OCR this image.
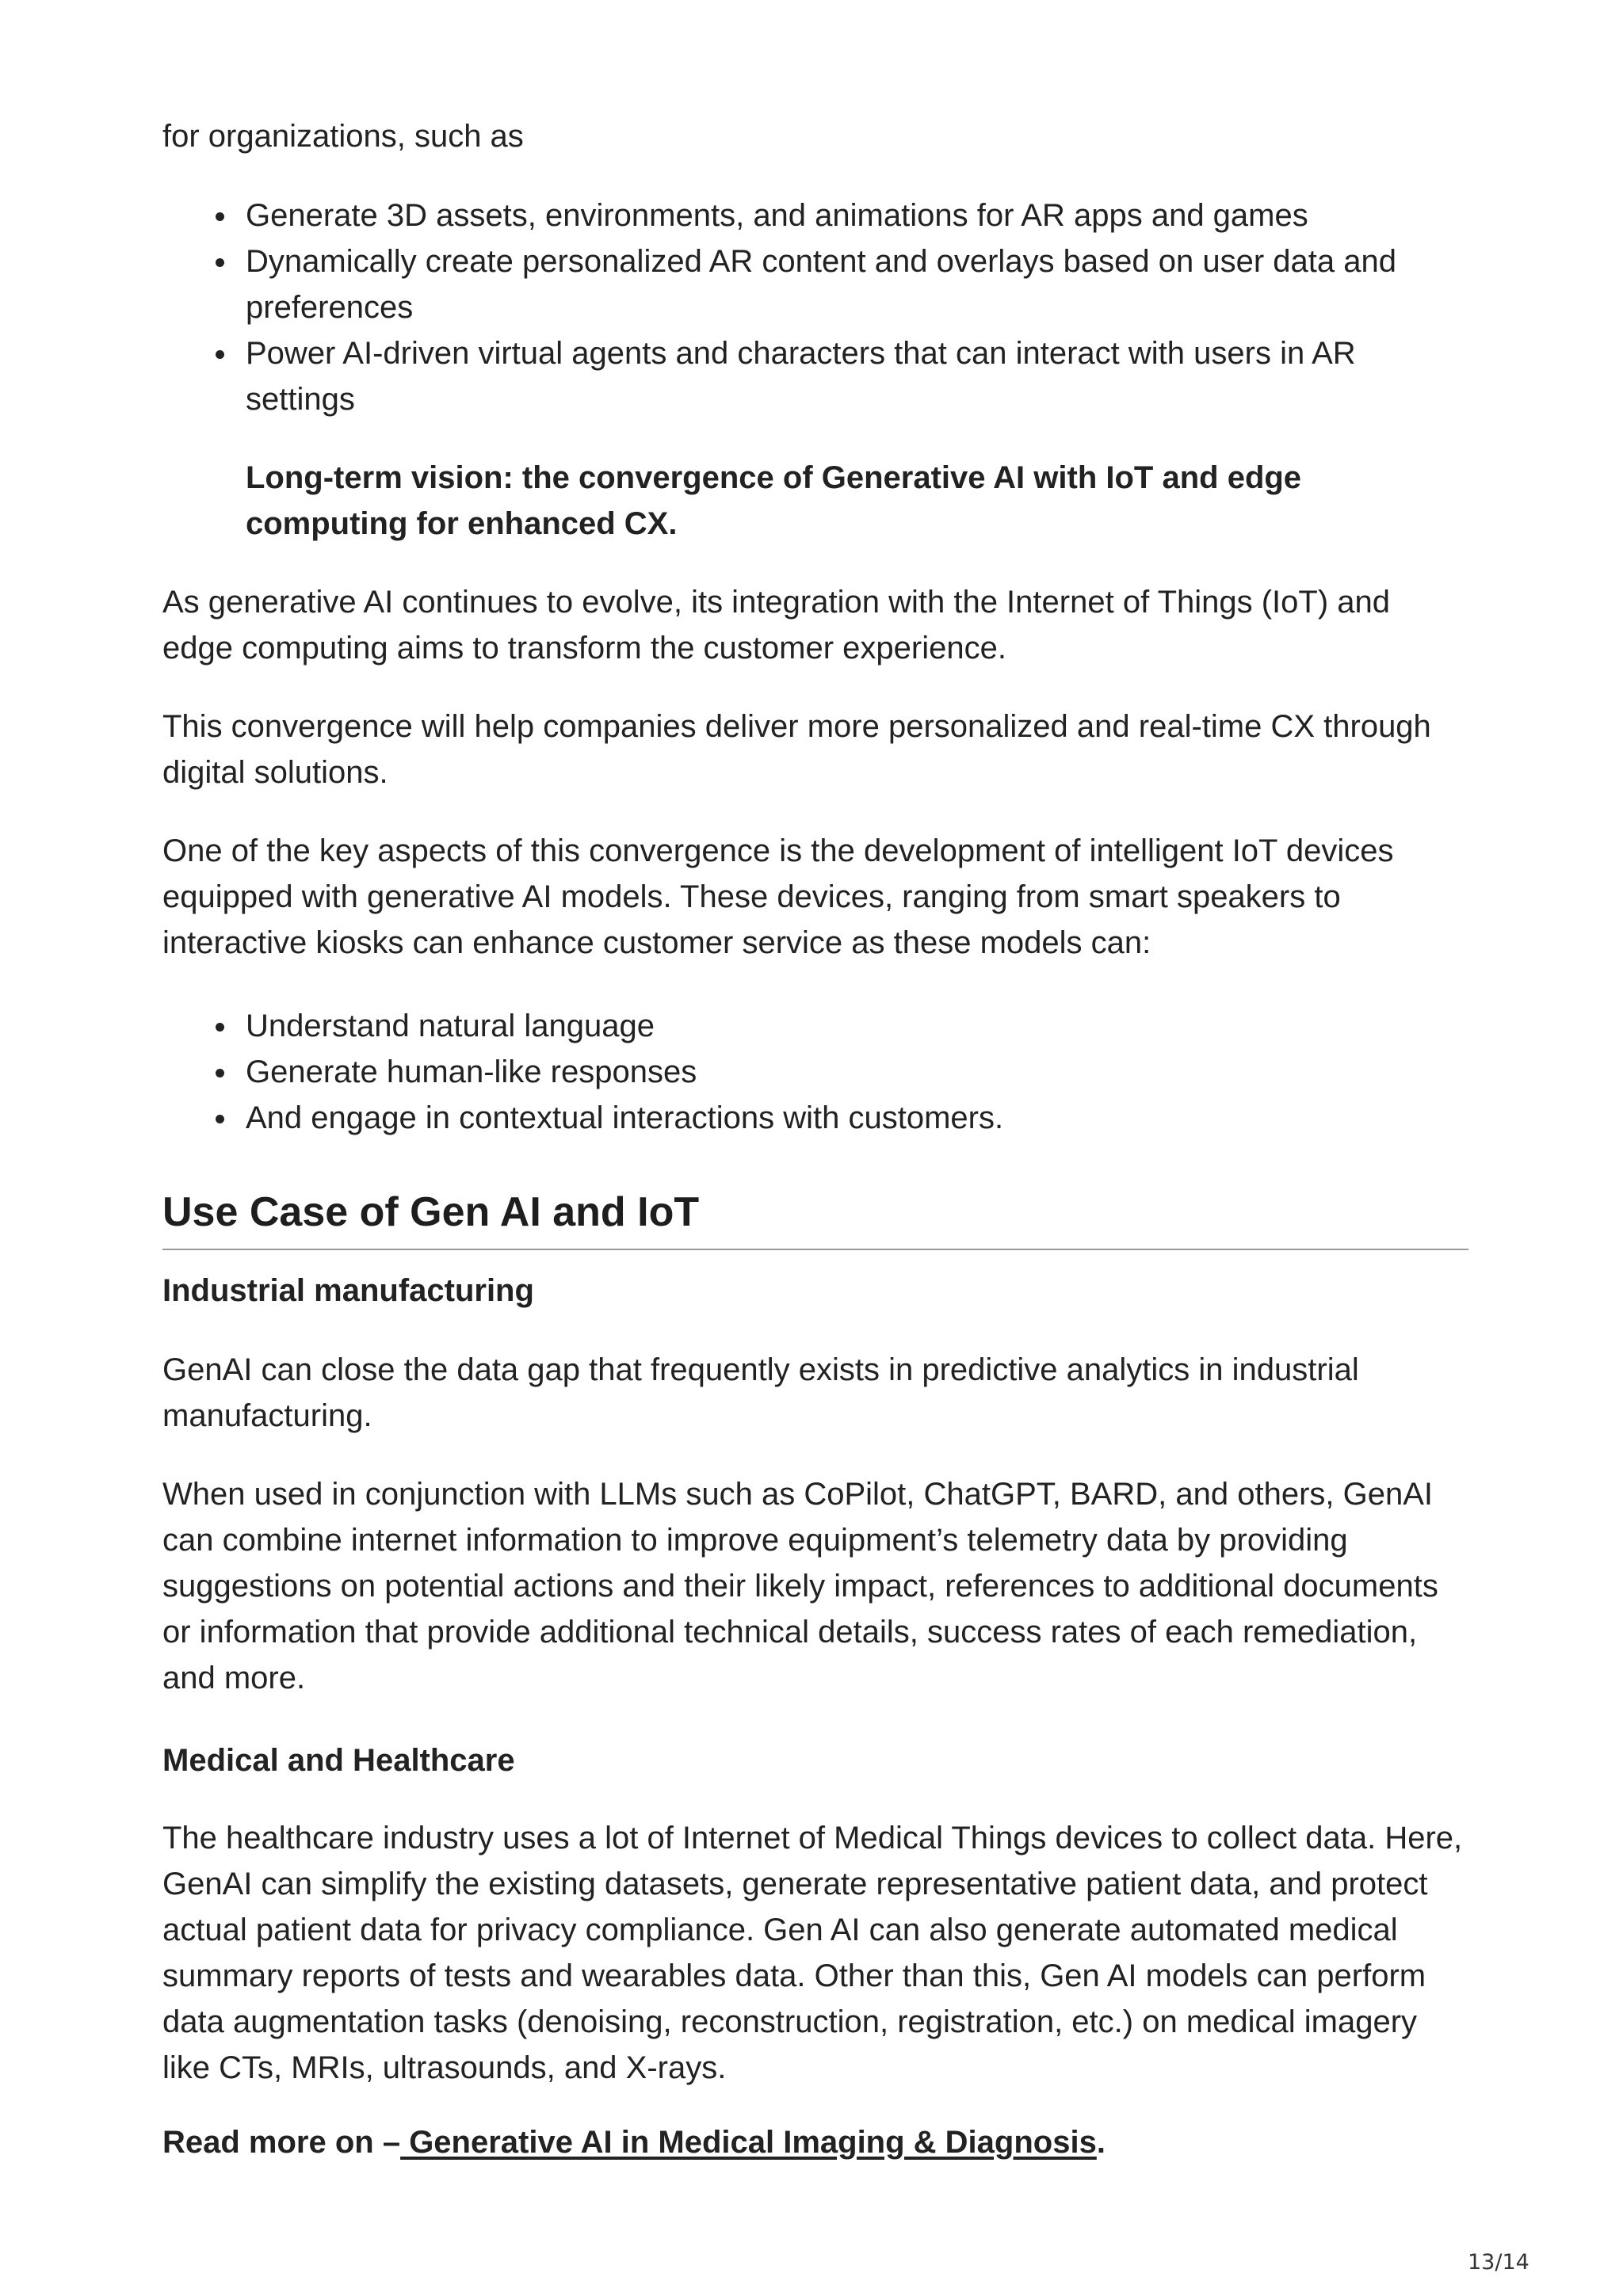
for organizations, such as

Generate 3D assets, environments, and animations for AR apps and games
Dynamically create personalized AR content and overlays based on user data and preferences
Power AI-driven virtual agents and characters that can interact with users in AR settings

Long-term vision: the convergence of Generative AI with IoT and edge computing for enhanced CX.

As generative AI continues to evolve, its integration with the Internet of Things (IoT) and edge computing aims to transform the customer experience.

This convergence will help companies deliver more personalized and real-time CX through digital solutions.

One of the key aspects of this convergence is the development of intelligent IoT devices equipped with generative AI models. These devices, ranging from smart speakers to interactive kiosks can enhance customer service as these models can:

Understand natural language
Generate human-like responses
And engage in contextual interactions with customers.
Use Case of Gen AI and IoT

Industrial manufacturing

GenAI can close the data gap that frequently exists in predictive analytics in industrial manufacturing.

When used in conjunction with LLMs such as CoPilot, ChatGPT, BARD, and others, GenAI can combine internet information to improve equipment’s telemetry data by providing suggestions on potential actions and their likely impact, references to additional documents or information that provide additional technical details, success rates of each remediation, and more.

Medical and Healthcare

The healthcare industry uses a lot of Internet of Medical Things devices to collect data. Here, GenAI can simplify the existing datasets, generate representative patient data, and protect actual patient data for privacy compliance. Gen AI can also generate automated medical summary reports of tests and wearables data. Other than this, Gen AI models can perform data augmentation tasks (denoising, reconstruction, registration, etc.) on medical imagery like CTs, MRIs, ultrasounds, and X-rays.

Read more on – Generative AI in Medical Imaging & Diagnosis.

13/14
